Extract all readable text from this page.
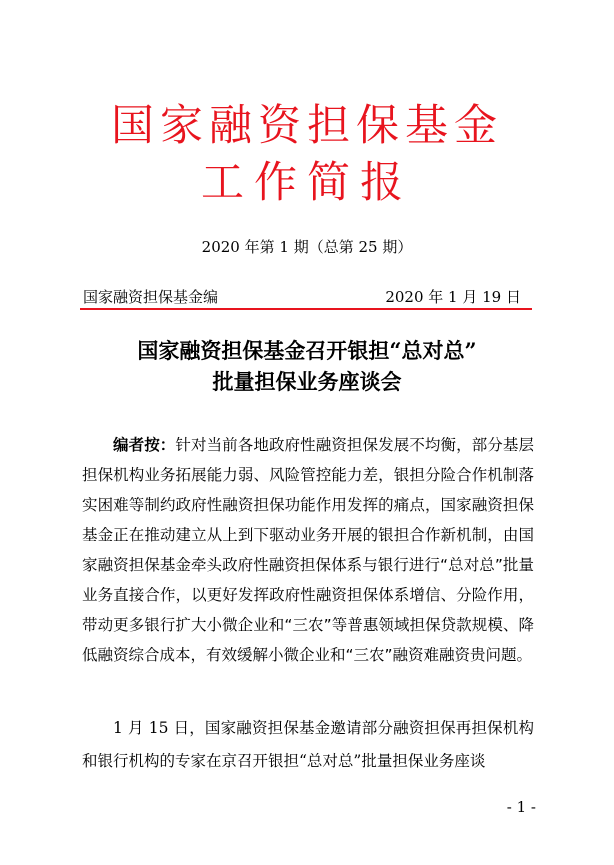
国家融资担保基金
工作简报
2020 年第 1 期（总第 25 期）
国家融资担保基金编	2020 年 1 月 19 日
国家融资担保基金召开银担“总对总”
批量担保业务座谈会

编者按：针对当前各地政府性融资担保发展不均衡，部分基层担保机构业务拓展能力弱、风险管控能力差，银担分险合作机制落实困难等制约政府性融资担保功能作用发挥的痛点，国家融资担保基金正在推动建立从上到下驱动业务开展的银担合作新机制，由国家融资担保基金牵头政府性融资担保体系与银行进行“总对总”批量业务直接合作，以更好发挥政府性融资担保体系增信、分险作用，带动更多银行扩大小微企业和“三农”等普惠领域担保贷款规模、降低融资综合成本，有效缓解小微企业和“三农”融资难融资贵问题。

1 月 15 日，国家融资担保基金邀请部分融资担保再担保机构和银行机构的专家在京召开银担“总对总”批量担保业务座谈

- 1 -
